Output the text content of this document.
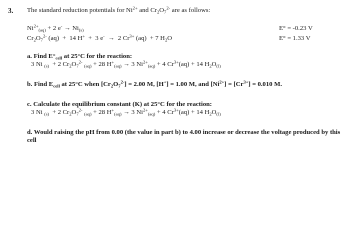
3. The standard reduction potentials for $Ni^{2+}$ and $Cr_2O_7^{2-}$ are as follows:
$Ni^{2+}_{(aq)} + 2$ $e^- \to Ni_{(s)}$	E° = -0.23 V
$Cr_2O_7^{2-}$ (aq)  +  14 H+  +  3 e-  →  2 $Cr^{3+}$ (aq)  + 7 $H_2O$	E° = 1.33 V
a. Find $E^\circ_{cell}$ at 25°C for the reaction:
3 Ni $_{(s)}$  + 2 $Cr_2O_7^{2-}$ $_{(aq)}$ + 28 $H^+_{(aq)} \to 3$ $Ni^{2+}_{(aq)} + 4$ $Cr^{3+}(aq) + 14$ $H_2O_{(l)}$
b. Find $E_{cell}$ at 25°C when $[Cr_2O_7^{2-}] = 2.00$ M, [H+] = 1.00 M, and $[Ni^{2+}] = [Cr^{3+}] = 0.010$ M.
c. Calculate the equilibrium constant (K) at 25°C for the reaction:
3 Ni $_{(s)}$  + 2 $Cr_2O_7^{2-}$ $_{(aq)}$ + 28 $H^+_{(aq)} \to 3$ $Ni^{2+}_{(aq)} + 4$ $Cr^{3+}(aq) + 14$ $H_2O_{(l)}$
d. Would raising the pH from 0.00 (the value in part b) to 4.00 increase or decrease the voltage produced by this cell
